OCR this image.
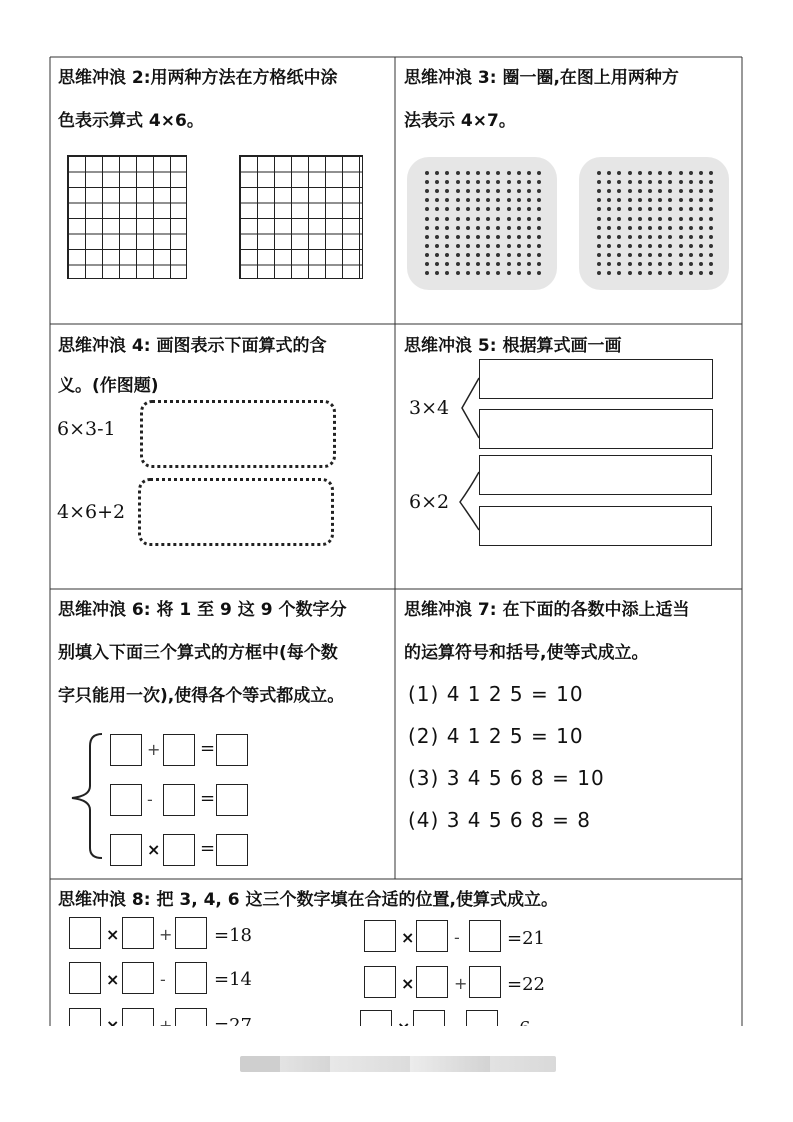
思维冲浪 2:用两种方法在方格纸中涂
色表示算式 4×6。
思维冲浪 3: 圈一圈,在图上用两种方
法表示 4×7。
思维冲浪 4: 画图表示下面算式的含
义。(作图题)
6×3-1
4×6+2
思维冲浪 5: 根据算式画一画
3×4
6×2
思维冲浪 6: 将 1 至 9 这 9 个数字分
别填入下面三个算式的方框中(每个数
字只能用一次),使得各个等式都成立。
+ =
-	=
× =
思维冲浪 7: 在下面的各数中添上适当
的运算符号和括号,使等式成立。
(1) 4 1 2 5 = 10
(2) 4 1 2 5 = 10
(3) 3 4 5 6 8 = 10
(4) 3 4 5 6 8 = 8
思维冲浪 8: 把 3, 4, 6 这三个数字填在合适的位置,使算式成立。
× + =18
×	-	=14
× -	=21
× + =22
